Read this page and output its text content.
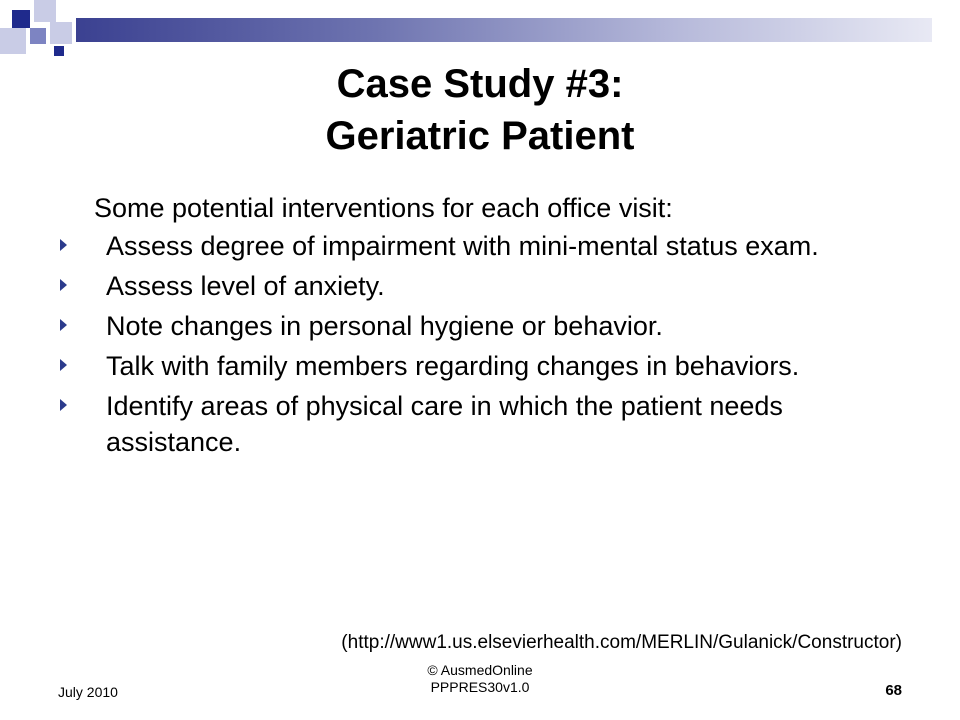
Case Study #3:
Geriatric Patient
Some potential interventions for each office visit:
Assess degree of impairment with mini-mental status exam.
Assess level of anxiety.
Note changes in personal hygiene or behavior.
Talk with family members regarding changes in behaviors.
Identify areas of physical care in which the patient needs assistance.
(http://www1.us.elsevierhealth.com/MERLIN/Gulanick/Constructor)
July 2010
© AusmedOnline
PPPRES30v1.0	68
